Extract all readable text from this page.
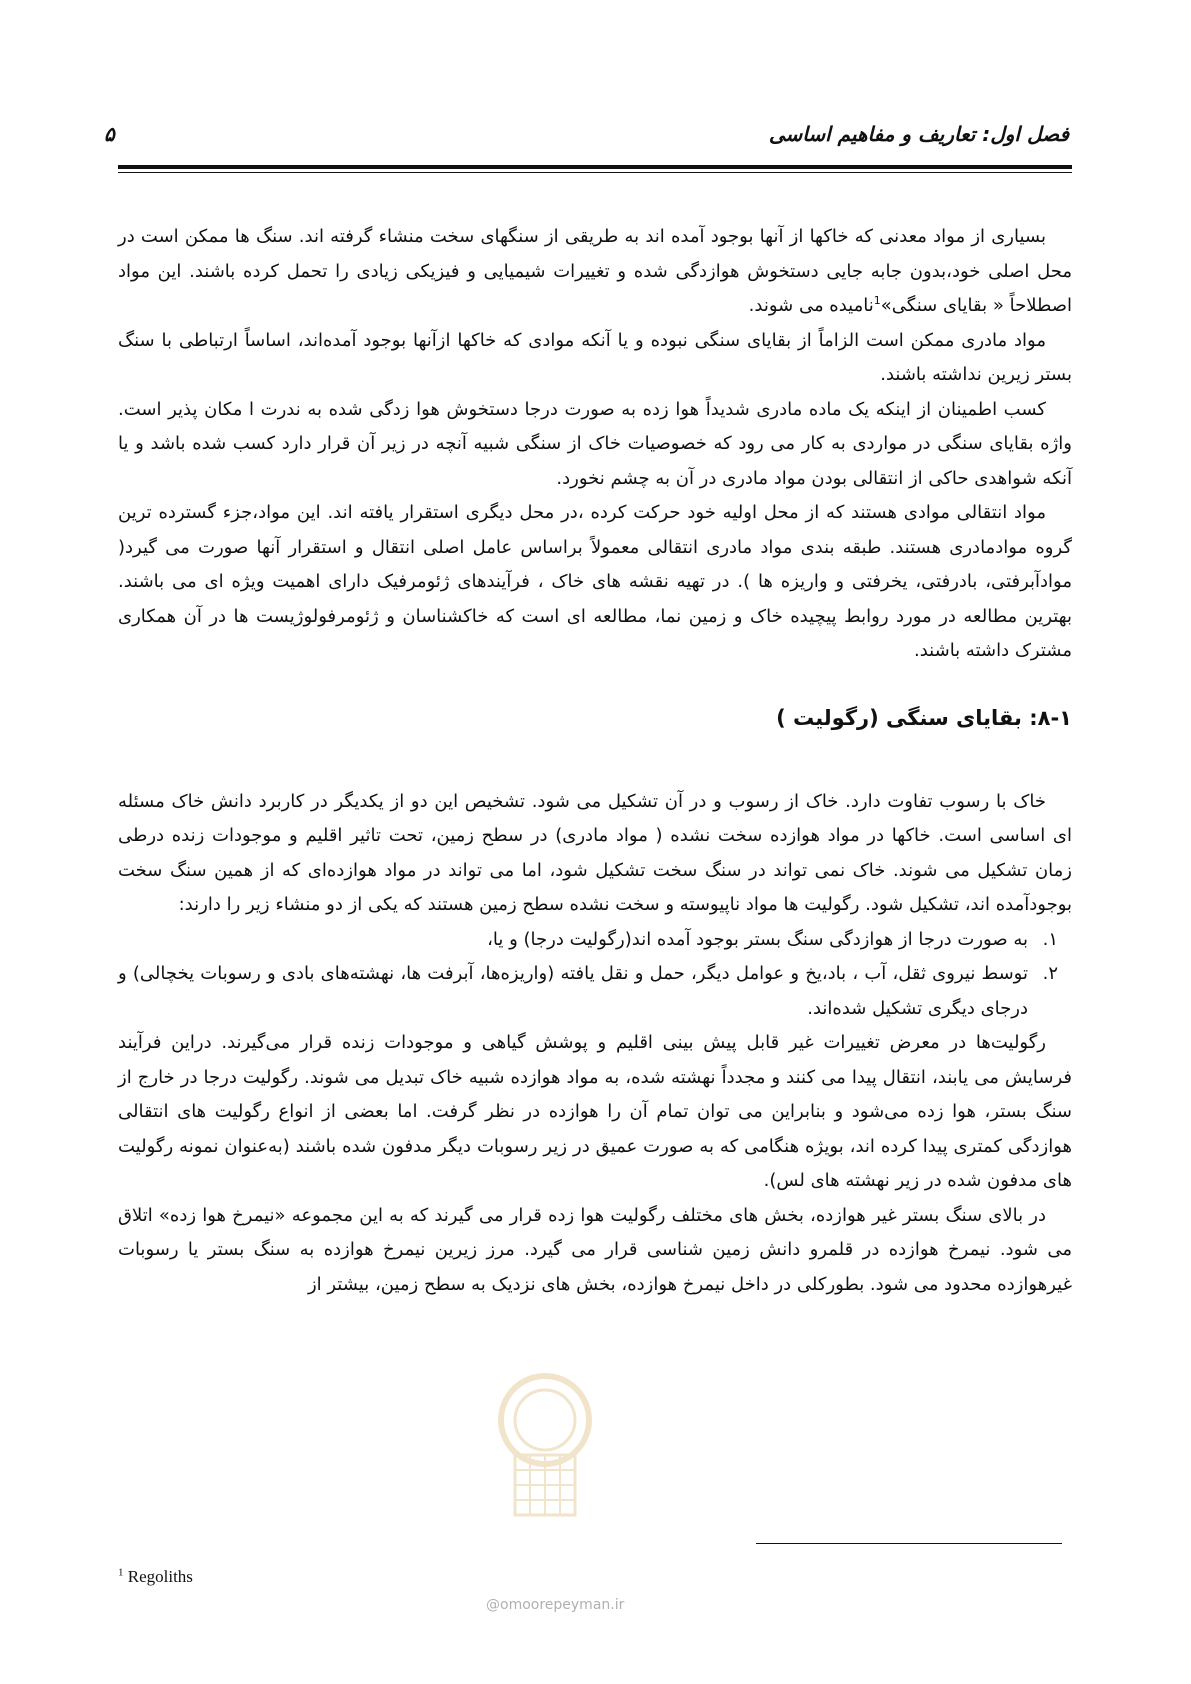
فصل اول: تعاریف و مفاهیم اساسی
۵

بسیاری از مواد معدنی که خاکها از آنها بوجود آمده اند به طریقی از سنگهای سخت منشاء گرفته اند. سنگ ها ممکن است در محل اصلی خود،بدون جابه جایی دستخوش هوازدگی شده و تغییرات شیمیایی و فیزیکی زیادی را تحمل کرده باشند. این مواد اصطلاحاً « بقایای سنگی»$^1$نامیده می شوند.

مواد مادری ممکن است الزاماً از بقایای سنگی نبوده و یا آنکه موادی که خاکها ازآنها بوجود آمده‌اند، اساساً ارتباطی با سنگ بستر زیرین نداشته باشند.

کسب اطمینان از اینکه یک ماده مادری شدیداً هوا زده به صورت درجا دستخوش هوا زدگی شده به ندرت ا مکان پذیر است. واژه بقایای سنگی در مواردی به کار می رود که خصوصیات خاک از سنگی شبیه آنچه در زیر آن قرار دارد کسب شده باشد و یا آنکه شواهدی حاکی از انتقالی بودن مواد مادری در آن به چشم نخورد.

مواد انتقالی موادی هستند که از محل اولیه خود حرکت کرده ،در محل دیگری استقرار یافته اند. این مواد،جزء گسترده ترین گروه موادمادری هستند. طبقه بندی مواد مادری انتقالی معمولاً براساس عامل اصلی انتقال و استقرار آنها صورت می گیرد( موادآبرفتی، بادرفتی، یخرفتی و واریزه ها ). در تهیه نقشه های خاک ، فرآیندهای ژئومرفیک دارای اهمیت ویژه ای می باشند. بهترین مطالعه در مورد روابط پیچیده خاک و زمین نما، مطالعه ای است که خاکشناسان و ژئومرفولوژیست ها در آن همکاری مشترک داشته باشند.

۸-۱: بقایای سنگی (رگولیت )

خاک با رسوب تفاوت دارد. خاک از رسوب و در آن تشکیل می شود. تشخیص این دو از یکدیگر در کاربرد دانش خاک مسئله ای اساسی است. خاکها در مواد هوازده سخت نشده ( مواد مادری) در سطح زمین، تحت تاثیر اقلیم و موجودات زنده درطی زمان تشکیل می شوند. خاک نمی تواند در سنگ سخت تشکیل شود، اما می تواند در مواد هوازده‌ای که از همین سنگ سخت بوجودآمده اند، تشکیل شود. رگولیت ها مواد ناپیوسته و سخت نشده سطح زمین هستند که یکی از دو منشاء زیر را دارند:

۱.
به صورت درجا از هوازدگی سنگ بستر بوجود آمده اند(رگولیت درجا) و یا،
۲.
توسط نیروی ثقل، آب ، باد،یخ و عوامل دیگر، حمل و نقل یافته (واریزه‌ها، آبرفت ها، نهشته‌های بادی و رسوبات یخچالی) و درجای دیگری تشکیل شده‌اند.

رگولیت‌ها در معرض تغییرات غیر قابل پیش بینی اقلیم و پوشش گیاهی و موجودات زنده قرار می‌گیرند. دراین فرآیند فرسایش می یابند، انتقال پیدا می کنند و مجدداً نهشته شده، به مواد هوازده شبیه خاک تبدیل می شوند. رگولیت درجا در خارج از سنگ بستر، هوا زده می‌شود و بنابراین می توان تمام آن را هوازده در نظر گرفت. اما بعضی از انواع رگولیت های انتقالی هوازدگی کمتری پیدا کرده اند، بویژه هنگامی که به صورت عمیق در زیر رسوبات دیگر مدفون شده باشند (به‌عنوان نمونه رگولیت های مدفون شده در زیر نهشته های لس).

در بالای سنگ بستر غیر هوازده، بخش های مختلف رگولیت هوا زده قرار می گیرند که به این مجموعه «نیمرخ هوا زده» اتلاق می شود. نیمرخ هوازده در قلمرو دانش زمین شناسی قرار می گیرد. مرز زیرین نیمرخ هوازده به سنگ بستر یا رسوبات غیرهوازده محدود می شود. بطورکلی در داخل نیمرخ هوازده، بخش های نزدیک به سطح زمین، بیشتر از

@omoorepeyman.ir
$^1$ Regoliths
